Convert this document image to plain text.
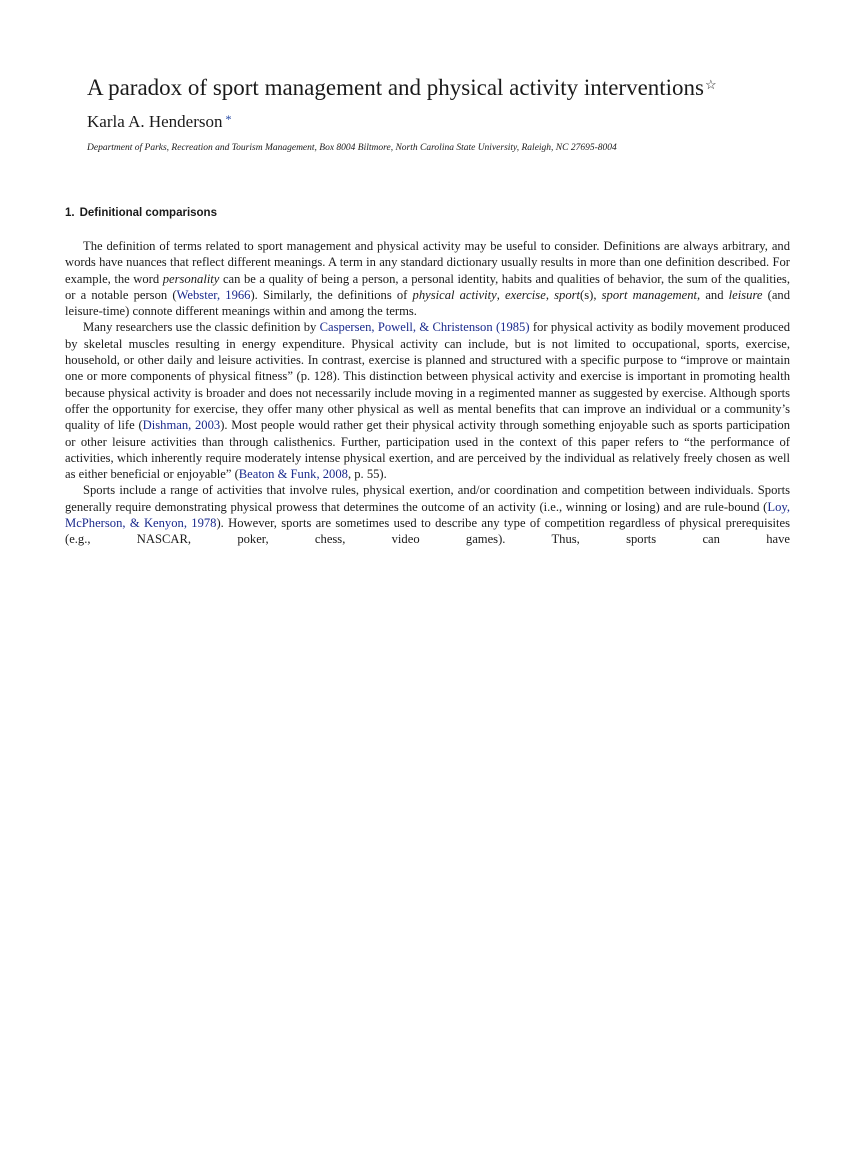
A paradox of sport management and physical activity interventions☆
Karla A. Henderson *
Department of Parks, Recreation and Tourism Management, Box 8004 Biltmore, North Carolina State University, Raleigh, NC 27695-8004
1. Definitional comparisons

The definition of terms related to sport management and physical activity may be useful to consider. Definitions are always arbitrary, and words have nuances that reflect different meanings. A term in any standard dictionary usually results in more than one definition described. For example, the word personality can be a quality of being a person, a personal identity, habits and qualities of behavior, the sum of the qualities, or a notable person (Webster, 1966). Similarly, the definitions of physical activity, exercise, sport(s), sport management, and leisure (and leisure-time) connote different meanings within and among the terms.

Many researchers use the classic definition by Caspersen, Powell, & Christenson (1985) for physical activity as bodily movement produced by skeletal muscles resulting in energy expenditure. Physical activity can include, but is not limited to occupational, sports, exercise, household, or other daily and leisure activities. In contrast, exercise is planned and structured with a specific purpose to “improve or maintain one or more components of physical fitness” (p. 128). This distinction between physical activity and exercise is important in promoting health because physical activity is broader and does not necessarily include moving in a regimented manner as suggested by exercise. Although sports offer the opportunity for exercise, they offer many other physical as well as mental benefits that can improve an individual or a community’s quality of life (Dishman, 2003). Most people would rather get their physical activity through something enjoyable such as sports participation or other leisure activities than through calisthenics. Further, participation used in the context of this paper refers to “the performance of activities, which inherently require moderately intense physical exertion, and are perceived by the individual as relatively freely chosen as well as either beneficial or enjoyable” (Beaton & Funk, 2008, p. 55).

Sports include a range of activities that involve rules, physical exertion, and/or coordination and competition between individuals. Sports generally require demonstrating physical prowess that determines the outcome of an activity (i.e., winning or losing) and are rule-bound (Loy, McPherson, & Kenyon, 1978). However, sports are sometimes used to describe any type of competition regardless of physical prerequisites (e.g., NASCAR, poker, chess, video games). Thus, sports can have
